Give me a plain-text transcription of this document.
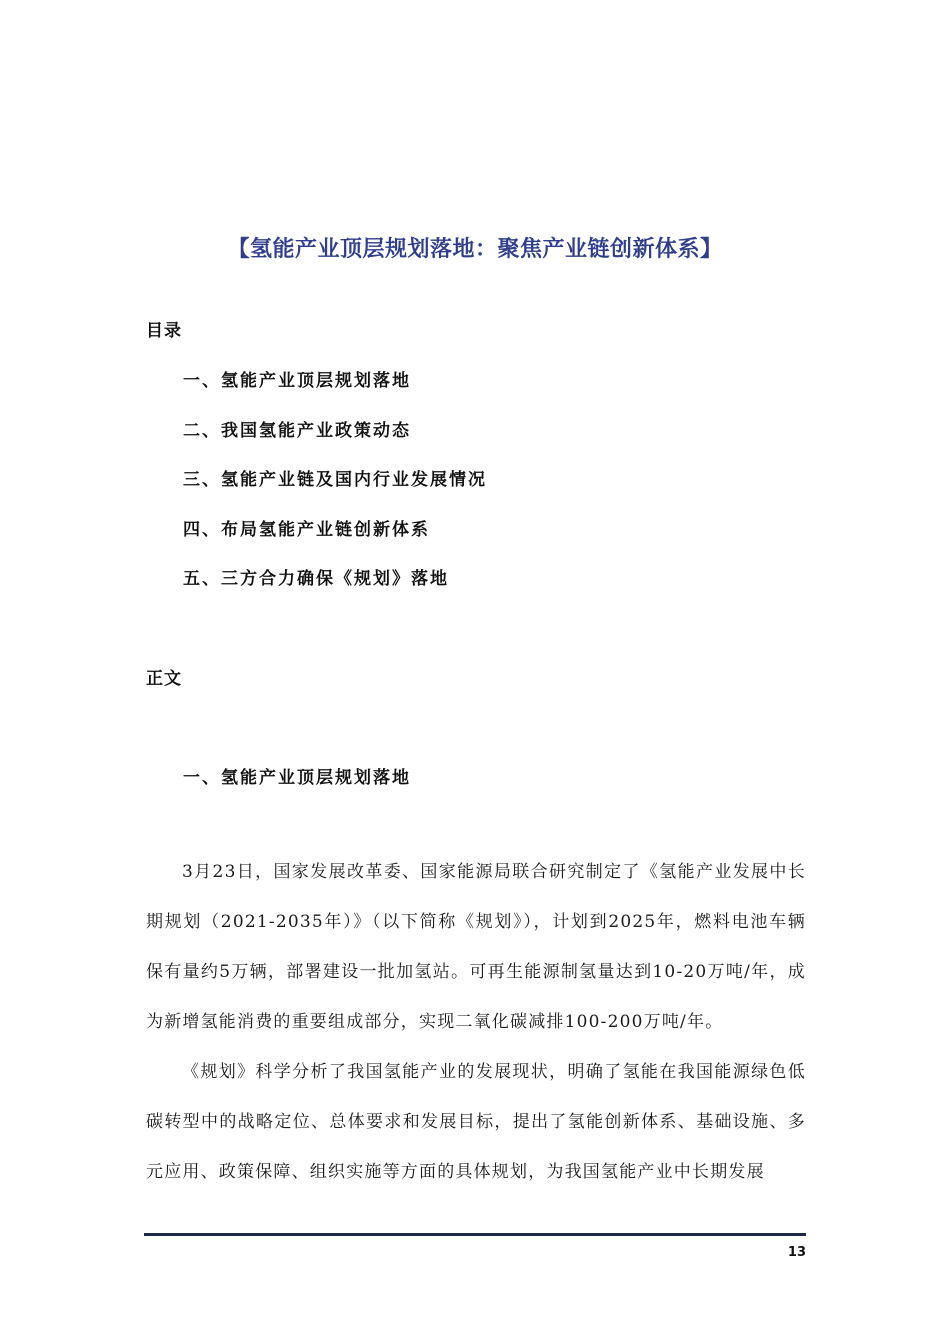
【氢能产业顶层规划落地：聚焦产业链创新体系】
目录
一、氢能产业顶层规划落地
二、我国氢能产业政策动态
三、氢能产业链及国内行业发展情况
四、布局氢能产业链创新体系
五、三方合力确保《规划》落地
正文
一、氢能产业顶层规划落地

3月23日，国家发展改革委、国家能源局联合研究制定了《氢能产业发展中长期规划（2021-2035年）》（以下简称《规划》），计划到2025年，燃料电池车辆保有量约5万辆，部署建设一批加氢站。可再生能源制氢量达到10-20万吨/年，成为新增氢能消费的重要组成部分，实现二氧化碳减排100-200万吨/年。

《规划》科学分析了我国氢能产业的发展现状，明确了氢能在我国能源绿色低碳转型中的战略定位、总体要求和发展目标，提出了氢能创新体系、基础设施、多元应用、政策保障、组织实施等方面的具体规划，为我国氢能产业中长期发展

13
